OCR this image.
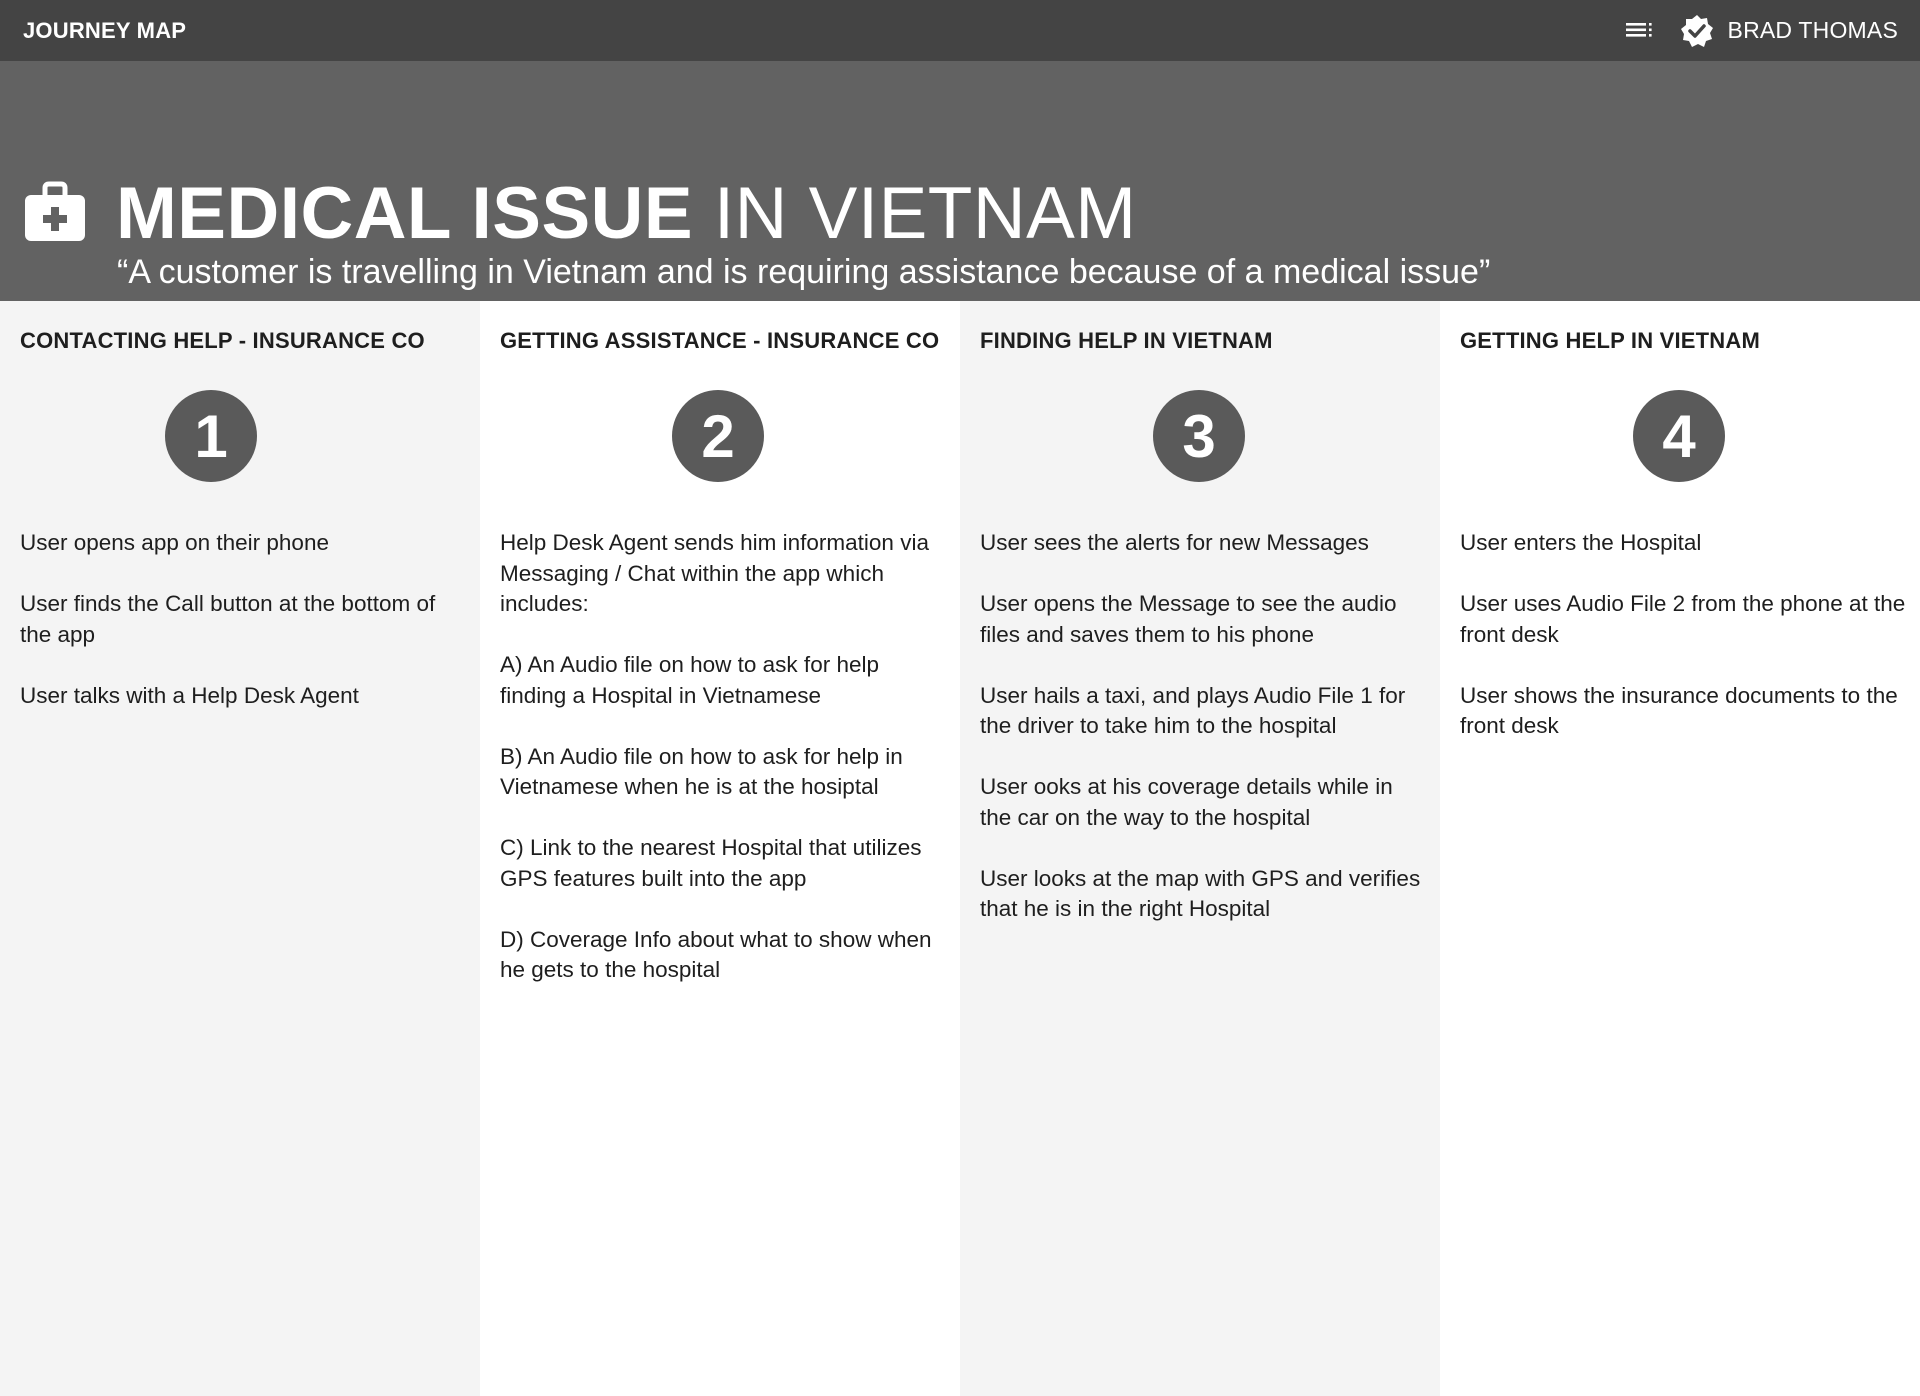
JOURNEY MAP	BRAD THOMAS
MEDICAL ISSUE IN VIETNAM

“A customer is travelling in Vietnam and is requiring assistance because of a medical issue”

CONTACTING HELP - INSURANCE CO
1
User opens app on their phone
User finds the Call button at the bottom of the app
User talks with a Help Desk Agent
GETTING ASSISTANCE - INSURANCE CO
2
Help Desk Agent sends him information via Messaging / Chat within the app which includes:
A) An Audio file on how to ask for help finding a Hospital in Vietnamese
B) An Audio file on how to ask for help in Vietnamese when he is at the hosiptal
C) Link to the nearest Hospital that utilizes GPS features built into the app
D) Coverage Info about what to show when he gets to the hospital
FINDING HELP IN VIETNAM
3
User sees the alerts for new Messages
User opens the Message to see the audio files and saves them to his phone
User hails a taxi, and plays Audio File 1 for the driver to take him to the hospital
User ooks at his coverage details while in the car on the way to the hospital
User looks at the map with GPS and verifies that he is in the right Hospital
GETTING HELP IN VIETNAM
4
User enters the Hospital
User uses Audio File 2 from the phone at the front desk
User shows the insurance documents to the front desk
